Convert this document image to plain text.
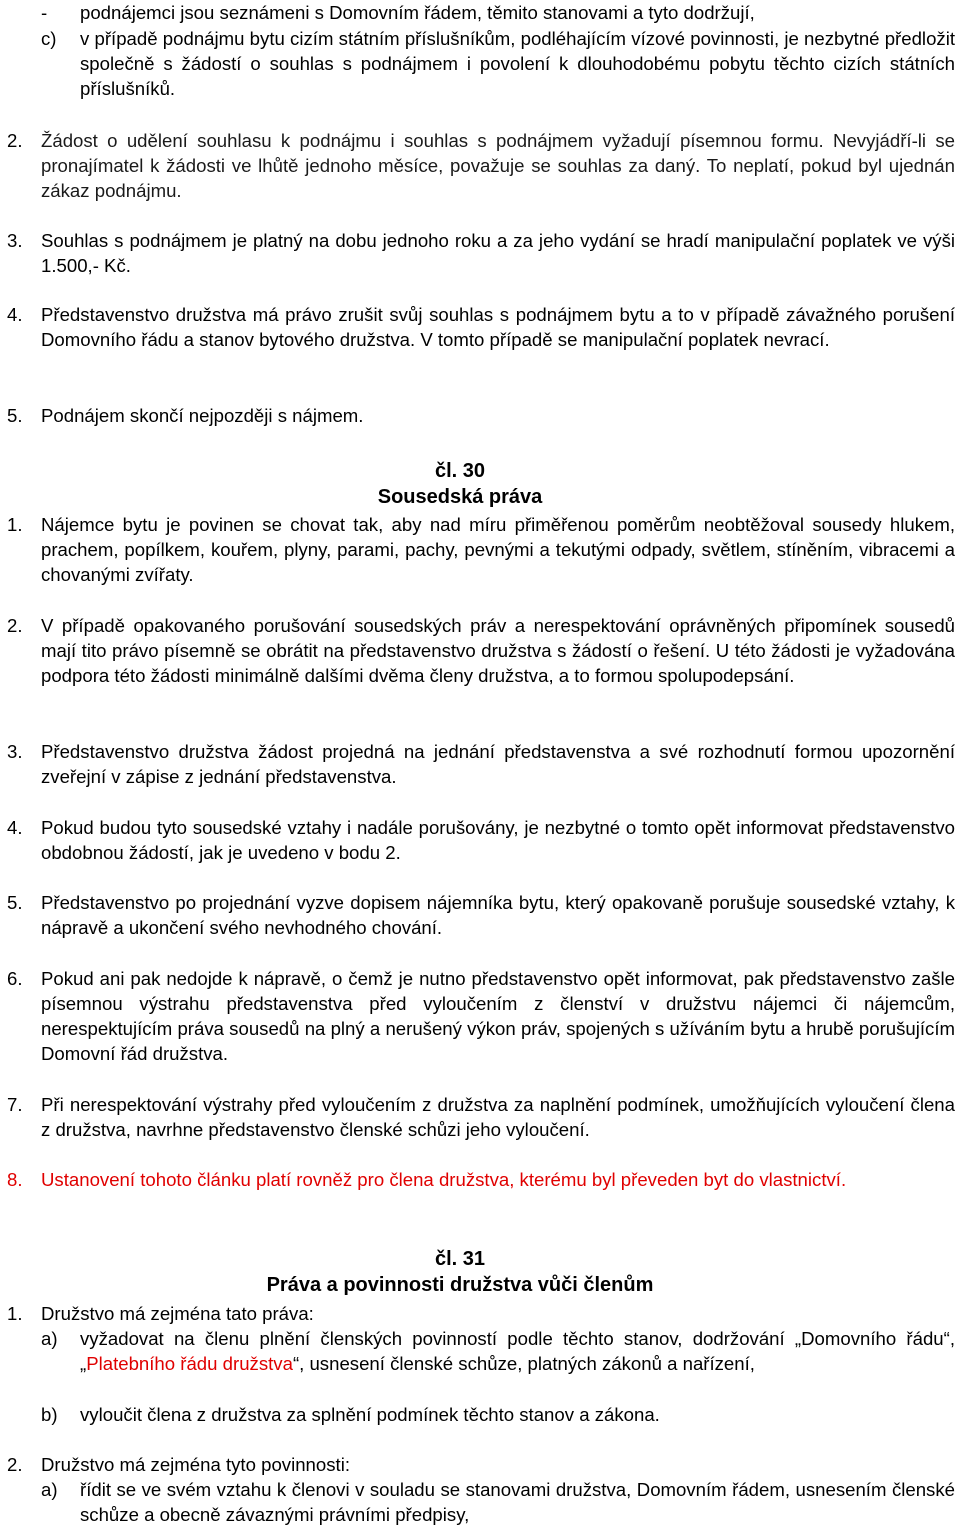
- podnájemci jsou seznámeni s Domovním řádem, těmito stanovami a tyto dodržují,
c) v případě podnájmu bytu cizím státním příslušníkům, podléhajícím vízové povinnosti, je nezbytné předložit společně s žádostí o souhlas s podnájmem i povolení k dlouhodobému pobytu těchto cizích státních příslušníků.
2. Žádost o udělení souhlasu k podnájmu i souhlas s podnájmem vyžadují písemnou formu. Nevyjádří-li se pronajímatel k žádosti ve lhůtě jednoho měsíce, považuje se souhlas za daný. To neplatí, pokud byl ujednán zákaz podnájmu.
3. Souhlas s podnájmem je platný na dobu jednoho roku a za jeho vydání se hradí manipulační poplatek ve výši 1.500,- Kč.
4. Představenstvo družstva má právo zrušit svůj souhlas s podnájmem bytu a to v případě závažného porušení Domovního řádu a stanov bytového družstva. V tomto případě se manipulační poplatek nevrací.
5. Podnájem skončí nejpozději s nájmem.
čl. 30
Sousedská práva
1. Nájemce bytu je povinen se chovat tak, aby nad míru přiměřenou poměrům neobtěžoval sousedy hlukem, prachem, popílkem, kouřem, plyny, parami, pachy, pevnými a tekutými odpady, světlem, stíněním, vibracemi a chovanými zvířaty.
2. V případě opakovaného porušování sousedských práv a nerespektování oprávněných připomínek sousedů mají tito právo písemně se obrátit na představenstvo družstva s žádostí o řešení. U této žádosti je vyžadována podpora této žádosti minimálně dalšími dvěma členy družstva, a to formou spolupodepsání.
3. Představenstvo družstva žádost projedná na jednání představenstva a své rozhodnutí formou upozornění zveřejní v zápise z jednání představenstva.
4. Pokud budou tyto sousedské vztahy i nadále porušovány, je nezbytné o tomto opět informovat představenstvo obdobnou žádostí, jak je uvedeno v bodu 2.
5. Představenstvo po projednání vyzve dopisem nájemníka bytu, který opakovaně porušuje sousedské vztahy, k nápravě a ukončení svého nevhodného chování.
6. Pokud ani pak nedojde k nápravě, o čemž je nutno představenstvo opět informovat, pak představenstvo zašle písemnou výstrahu představenstva před vyloučením z členství v družstvu nájemci či nájemcům, nerespektujícím práva sousedů na plný a nerušený výkon práv, spojených s užíváním bytu a hrubě porušujícím Domovní řád družstva.
7. Při nerespektování výstrahy před vyloučením z družstva za naplnění podmínek, umožňujících vyloučení člena z družstva, navrhne představenstvo členské schůzi jeho vyloučení.
8. Ustanovení tohoto článku platí rovněž pro člena družstva, kterému byl převeden byt do vlastnictví.
čl. 31
Práva a povinnosti družstva vůči členům
1. Družstvo má zejména tato práva:
a) vyžadovat na členu plnění členských povinností podle těchto stanov, dodržování „Domovního řádu“, „Platebního řádu družstva“, usnesení členské schůze, platných zákonů a nařízení,
b) vyloučit člena z družstva za splnění podmínek těchto stanov a zákona.
2. Družstvo má zejména tyto povinnosti:
a) řídit se ve svém vztahu k členovi v souladu se stanovami družstva, Domovním řádem, usnesením členské schůze a obecně závaznými právními předpisy,
